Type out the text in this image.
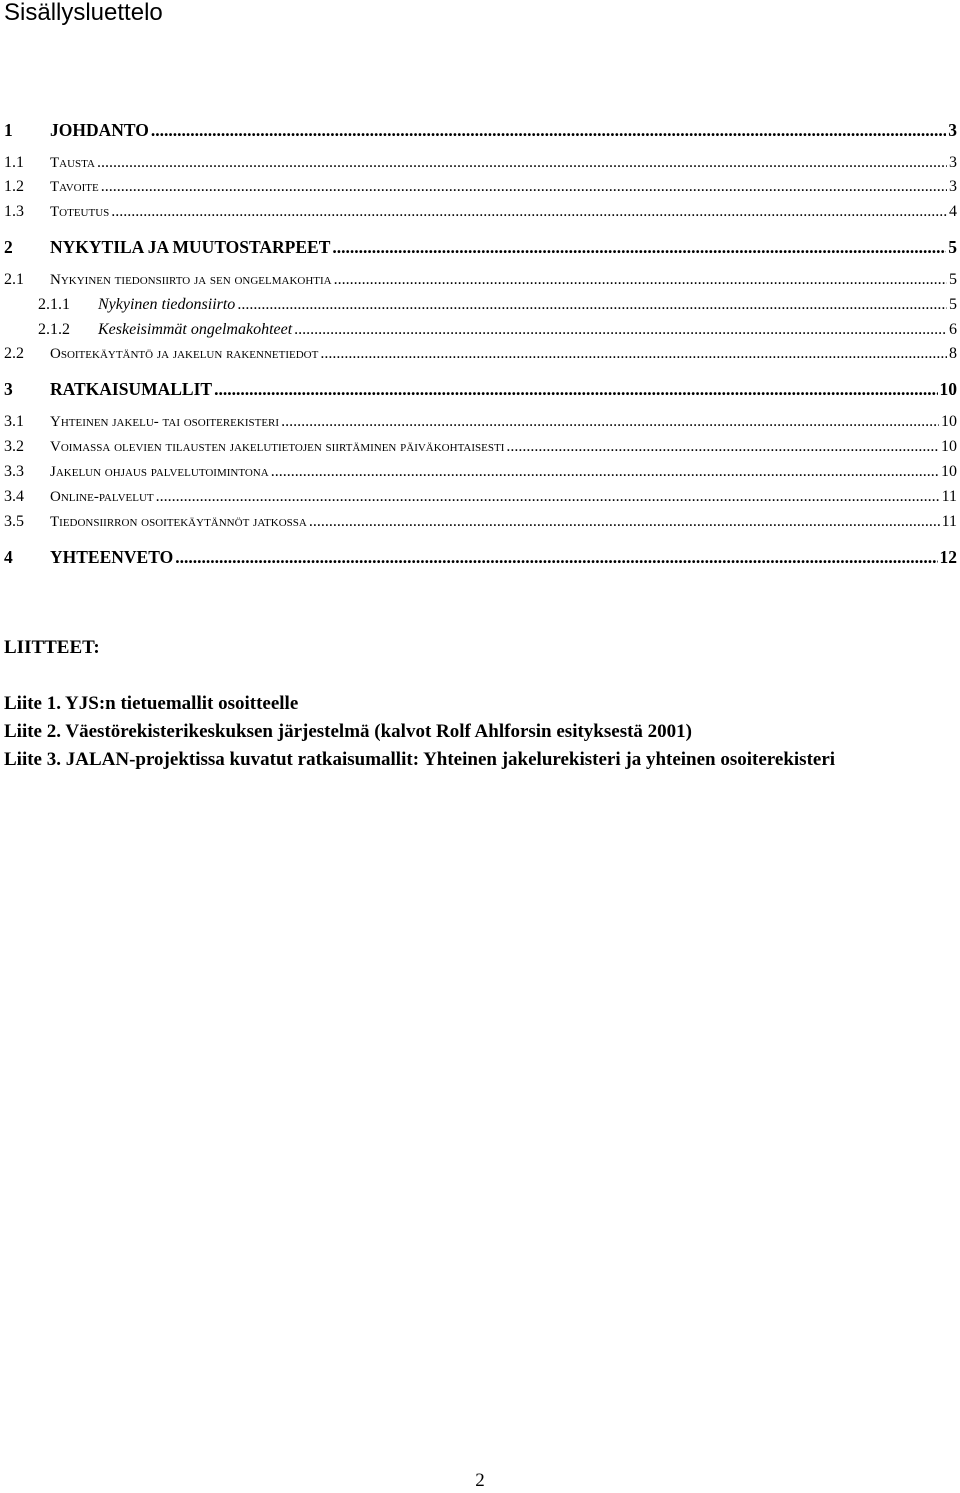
Sisällysluettelo
1	JOHDANTO .....	3
1.1	Tausta .....	3
1.2	Tavoite .....	3
1.3	Toteutus .....	4
2	NYKYTILA JA MUUTOSTARPEET .....	5
2.1	Nykyinen tiedonsiirto ja sen ongelmakohtia .....	5
2.1.1	Nykyinen tiedonsiirto .....	5
2.1.2	Keskeisimmät ongelmakohteet .....	6
2.2	Osoitekäytäntö ja jakelun rakennetiedot .....	8
3	RATKAISUMALLIT .....	10
3.1	Yhteinen jakelu- tai osoiterekisteri .....	10
3.2	Voimassa olevien tilausten jakelutietojen siirtäminen päiväkohtaisesti .....	10
3.3	Jakelun ohjaus palvelutoimintona .....	10
3.4	Online-palvelut .....	11
3.5	Tiedonsiirron osoitekäytännöt jatkossa .....	11
4	YHTEENVETO .....	12
LIITTEET:
Liite 1. YJS:n tietuemallit osoitteelle
Liite 2. Väestörekisterikeskuksen järjestelmä (kalvot Rolf Ahlforsin esityksestä 2001)
Liite 3. JALAN-projektissa kuvatut ratkaisumallit: Yhteinen jakelurekisteri ja yhteinen osoiterekisteri
2
